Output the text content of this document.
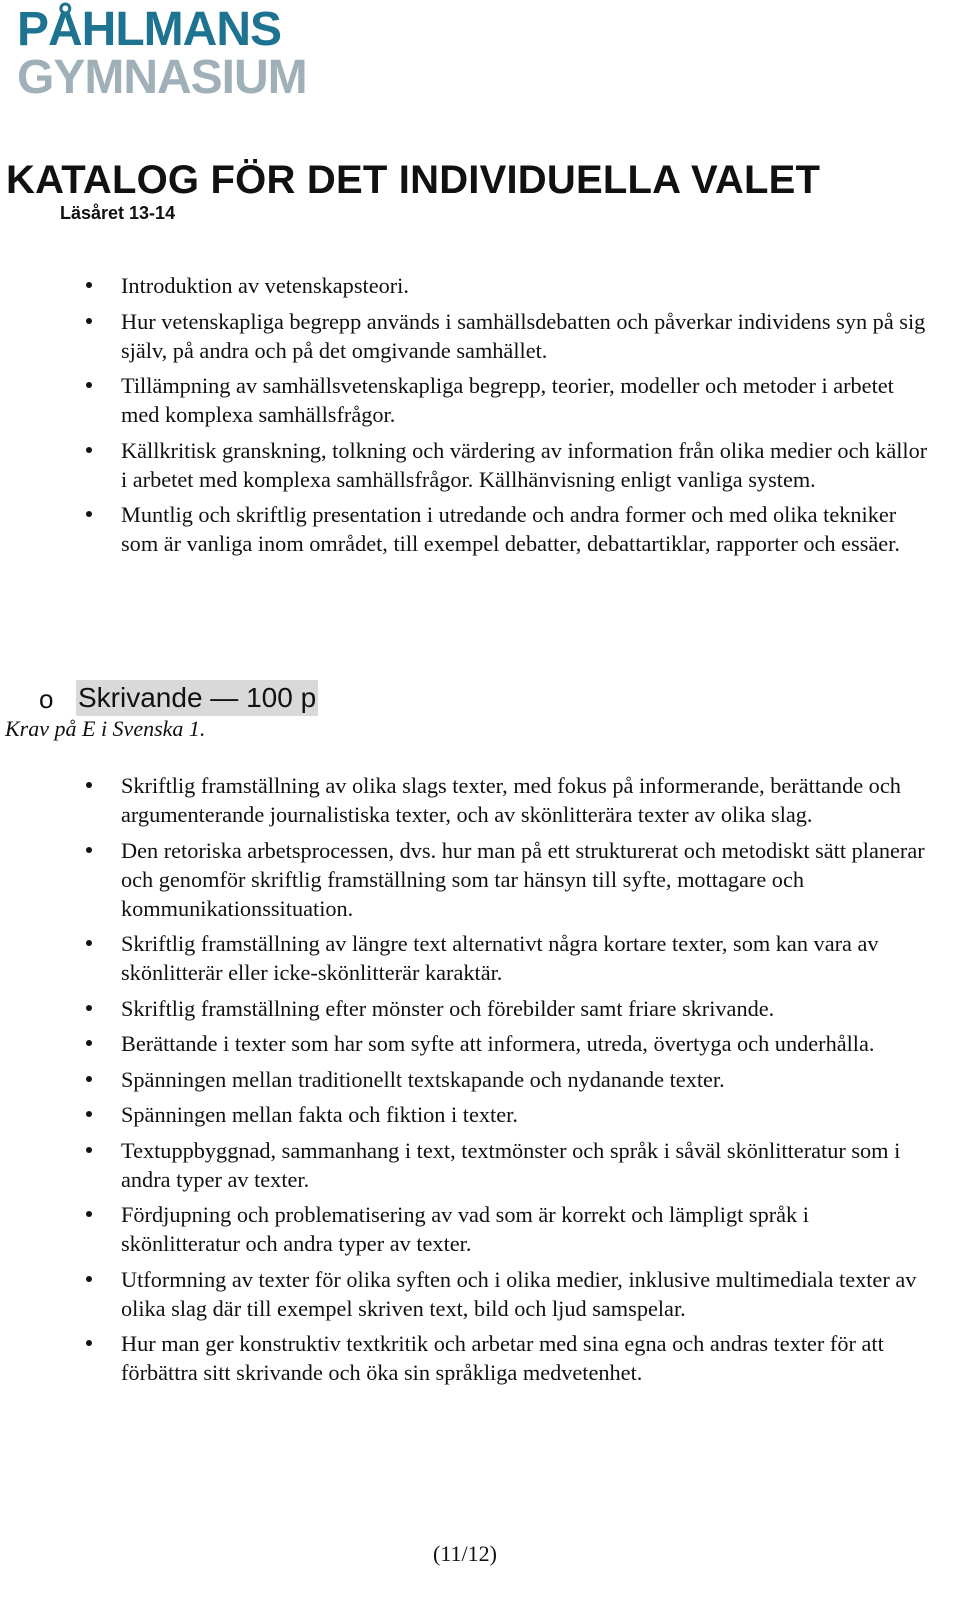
PÅHLMANS
GYMNASIUM
KATALOG FÖR DET INDIVIDUELLA VALET
Läsåret 13-14
Introduktion av vetenskapsteori.
Hur vetenskapliga begrepp används i samhällsdebatten och påverkar individens syn på sig själv, på andra och på det omgivande samhället.
Tillämpning av samhällsvetenskapliga begrepp, teorier, modeller och metoder i arbetet med komplexa samhällsfrågor.
Källkritisk granskning, tolkning och värdering av information från olika medier och källor i arbetet med komplexa samhällsfrågor. Källhänvisning enligt vanliga system.
Muntlig och skriftlig presentation i utredande och andra former och med olika tekniker som är vanliga inom området, till exempel debatter, debattartiklar, rapporter och essäer.
o Skrivande — 100 p
Krav på E i Svenska 1.
Skriftlig framställning av olika slags texter, med fokus på informerande, berättande och argumenterande journalistiska texter, och av skönlitterära texter av olika slag.
Den retoriska arbetsprocessen, dvs. hur man på ett strukturerat och metodiskt sätt planerar och genomför skriftlig framställning som tar hänsyn till syfte, mottagare och kommunikationssituation.
Skriftlig framställning av längre text alternativt några kortare texter, som kan vara av skönlitterär eller icke-skönlitterär karaktär.
Skriftlig framställning efter mönster och förebilder samt friare skrivande.
Berättande i texter som har som syfte att informera, utreda, övertyga och underhålla.
Spänningen mellan traditionellt textskapande och nydanande texter.
Spänningen mellan fakta och fiktion i texter.
Textuppbyggnad, sammanhang i text, textmönster och språk i såväl skönlitteratur som i andra typer av texter.
Fördjupning och problematisering av vad som är korrekt och lämpligt språk i skönlitteratur och andra typer av texter.
Utformning av texter för olika syften och i olika medier, inklusive multimediala texter av olika slag där till exempel skriven text, bild och ljud samspelar.
Hur man ger konstruktiv textkritik och arbetar med sina egna och andras texter för att förbättra sitt skrivande och öka sin språkliga medvetenhet.
(11/12)
